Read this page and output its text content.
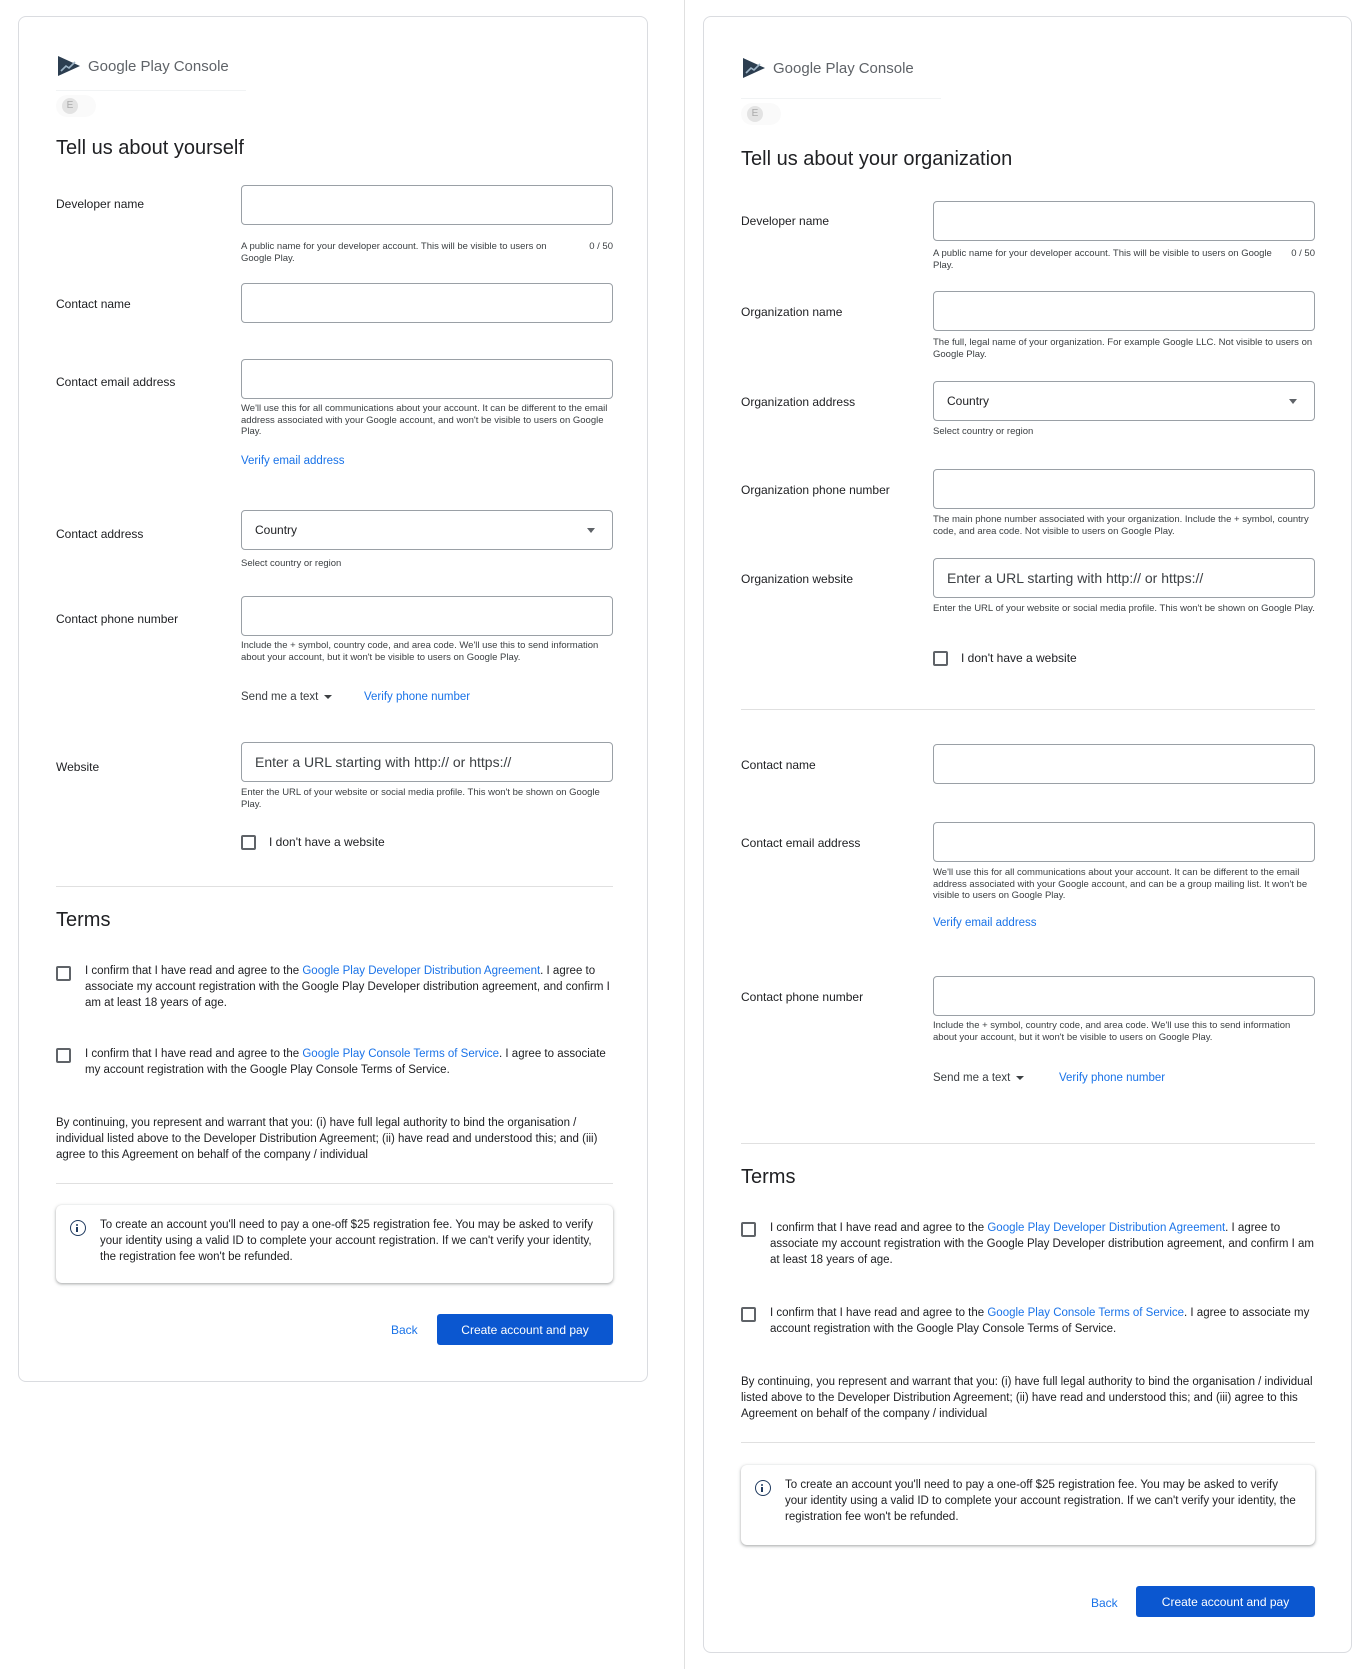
Google Play Console
E
Tell us about yourself
Developer name
A public name for your developer account. This will be visible to users on Google Play.
0 / 50
Contact name
Contact email address
We'll use this for all communications about your account. It can be different to the email address associated with your Google account, and won't be visible to users on Google Play.
Verify email address
Contact address	Country
Select country or region
Contact phone number
Include the + symbol, country code, and area code. We'll use this to send information about your account, but it won't be visible to users on Google Play.
Send me a text	Verify phone number
Website	Enter a URL starting with http:// or https://
Enter the URL of your website or social media profile. This won't be shown on Google Play.
I don't have a website
Terms
I confirm that I have read and agree to the Google Play Developer Distribution Agreement. I agree to associate my account registration with the Google Play Developer distribution agreement, and confirm I am at least 18 years of age.
I confirm that I have read and agree to the Google Play Console Terms of Service. I agree to associate my account registration with the Google Play Console Terms of Service.
By continuing, you represent and warrant that you: (i) have full legal authority to bind the organisation / individual listed above to the Developer Distribution Agreement; (ii) have read and understood this; and (iii) agree to this Agreement on behalf of the company / individual
To create an account you'll need to pay a one-off $25 registration fee. You may be asked to verify your identity using a valid ID to complete your account registration. If we can't verify your identity, the registration fee won't be refunded.
Back	Create account and pay
Google Play Console
E
Tell us about your organization
Developer name
A public name for your developer account. This will be visible to users on Google Play.
0 / 50
Organization name
The full, legal name of your organization. For example Google LLC. Not visible to users on Google Play.
Organization address	Country
Select country or region
Organization phone number
The main phone number associated with your organization. Include the + symbol, country code, and area code. Not visible to users on Google Play.
Organization website	Enter a URL starting with http:// or https://
Enter the URL of your website or social media profile. This won't be shown on Google Play.
I don't have a website
Contact name
Contact email address
We'll use this for all communications about your account. It can be different to the email address associated with your Google account, and can be a group mailing list. It won't be visible to users on Google Play.
Verify email address
Contact phone number
Include the + symbol, country code, and area code. We'll use this to send information about your account, but it won't be visible to users on Google Play.
Send me a text	Verify phone number
Terms
I confirm that I have read and agree to the Google Play Developer Distribution Agreement. I agree to associate my account registration with the Google Play Developer distribution agreement, and confirm I am at least 18 years of age.
I confirm that I have read and agree to the Google Play Console Terms of Service. I agree to associate my account registration with the Google Play Console Terms of Service.
By continuing, you represent and warrant that you: (i) have full legal authority to bind the organisation / individual listed above to the Developer Distribution Agreement; (ii) have read and understood this; and (iii) agree to this Agreement on behalf of the company / individual
To create an account you'll need to pay a one-off $25 registration fee. You may be asked to verify your identity using a valid ID to complete your account registration. If we can't verify your identity, the registration fee won't be refunded.
Back	Create account and pay
